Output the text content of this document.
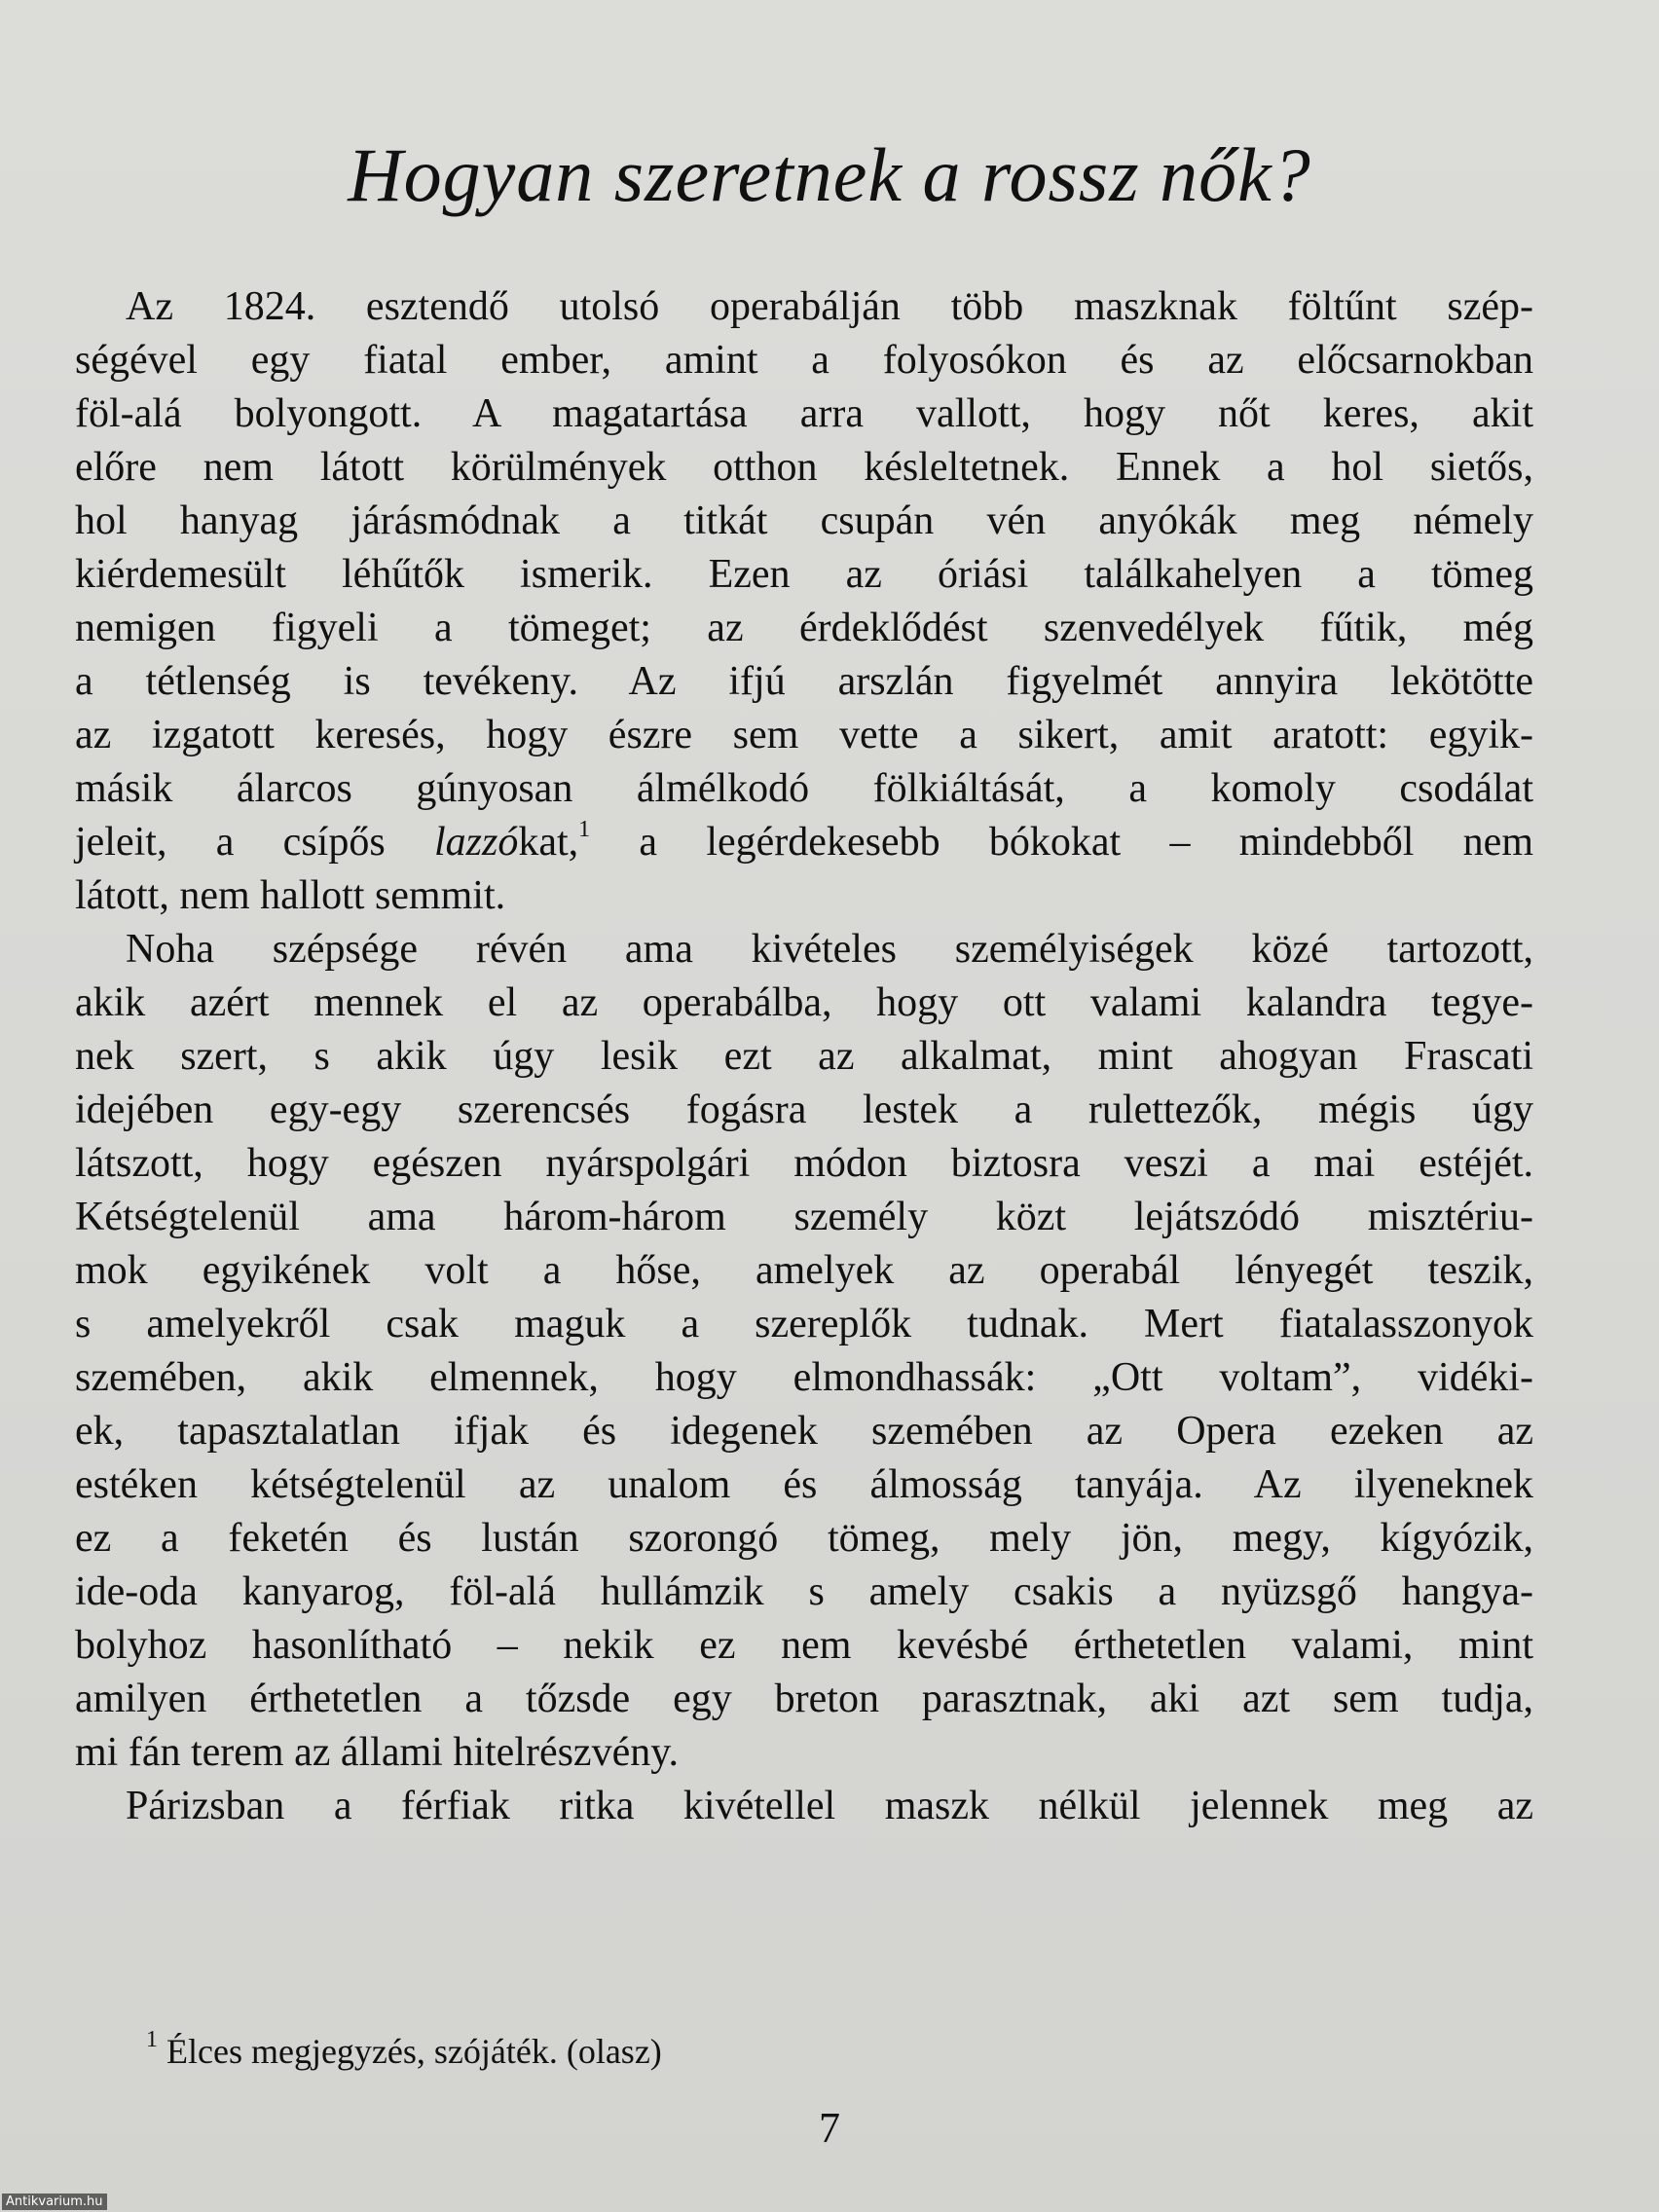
Hogyan szeretnek a rossz nők?
Az 1824. esztendő utolsó operabálján több maszknak föltűnt szép-
ségével egy fiatal ember, amint a folyosókon és az előcsarnokban
föl-alá bolyongott. A magatartása arra vallott, hogy nőt keres, akit
előre nem látott körülmények otthon késleltetnek. Ennek a hol sietős,
hol hanyag járásmódnak a titkát csupán vén anyókák meg némely
kiérdemesült léhűtők ismerik. Ezen az óriási találkahelyen a tömeg
nemigen figyeli a tömeget; az érdeklődést szenvedélyek fűtik, még
a tétlenség is tevékeny. Az ifjú arszlán figyelmét annyira lekötötte
az izgatott keresés, hogy észre sem vette a sikert, amit aratott: egyik-
másik álarcos gúnyosan álmélkodó fölkiáltását, a komoly csodálat
jeleit, a csípős lazzókat,$^1$ a legérdekesebb bókokat – mindebből nem
látott, nem hallott semmit.
Noha szépsége révén ama kivételes személyiségek közé tartozott,
akik azért mennek el az operabálba, hogy ott valami kalandra tegye-
nek szert, s akik úgy lesik ezt az alkalmat, mint ahogyan Frascati
idejében egy-egy szerencsés fogásra lestek a rulettezők, mégis úgy
látszott, hogy egészen nyárspolgári módon biztosra veszi a mai estéjét.
Kétségtelenül ama három-három személy közt lejátszódó misztériu-
mok egyikének volt a hőse, amelyek az operabál lényegét teszik,
s amelyekről csak maguk a szereplők tudnak. Mert fiatalasszonyok
szemében, akik elmennek, hogy elmondhassák: „Ott voltam”, vidéki-
ek, tapasztalatlan ifjak és idegenek szemében az Opera ezeken az
estéken kétségtelenül az unalom és álmosság tanyája. Az ilyeneknek
ez a feketén és lustán szorongó tömeg, mely jön, megy, kígyózik,
ide-oda kanyarog, föl-alá hullámzik s amely csakis a nyüzsgő hangya-
bolyhoz hasonlítható – nekik ez nem kevésbé érthetetlen valami, mint
amilyen érthetetlen a tőzsde egy breton parasztnak, aki azt sem tudja,
mi fán terem az állami hitelrészvény.
Párizsban a férfiak ritka kivétellel maszk nélkül jelennek meg az
$^1$ Élces megjegyzés, szójáték. (olasz)
7
Antikvarium.hu
